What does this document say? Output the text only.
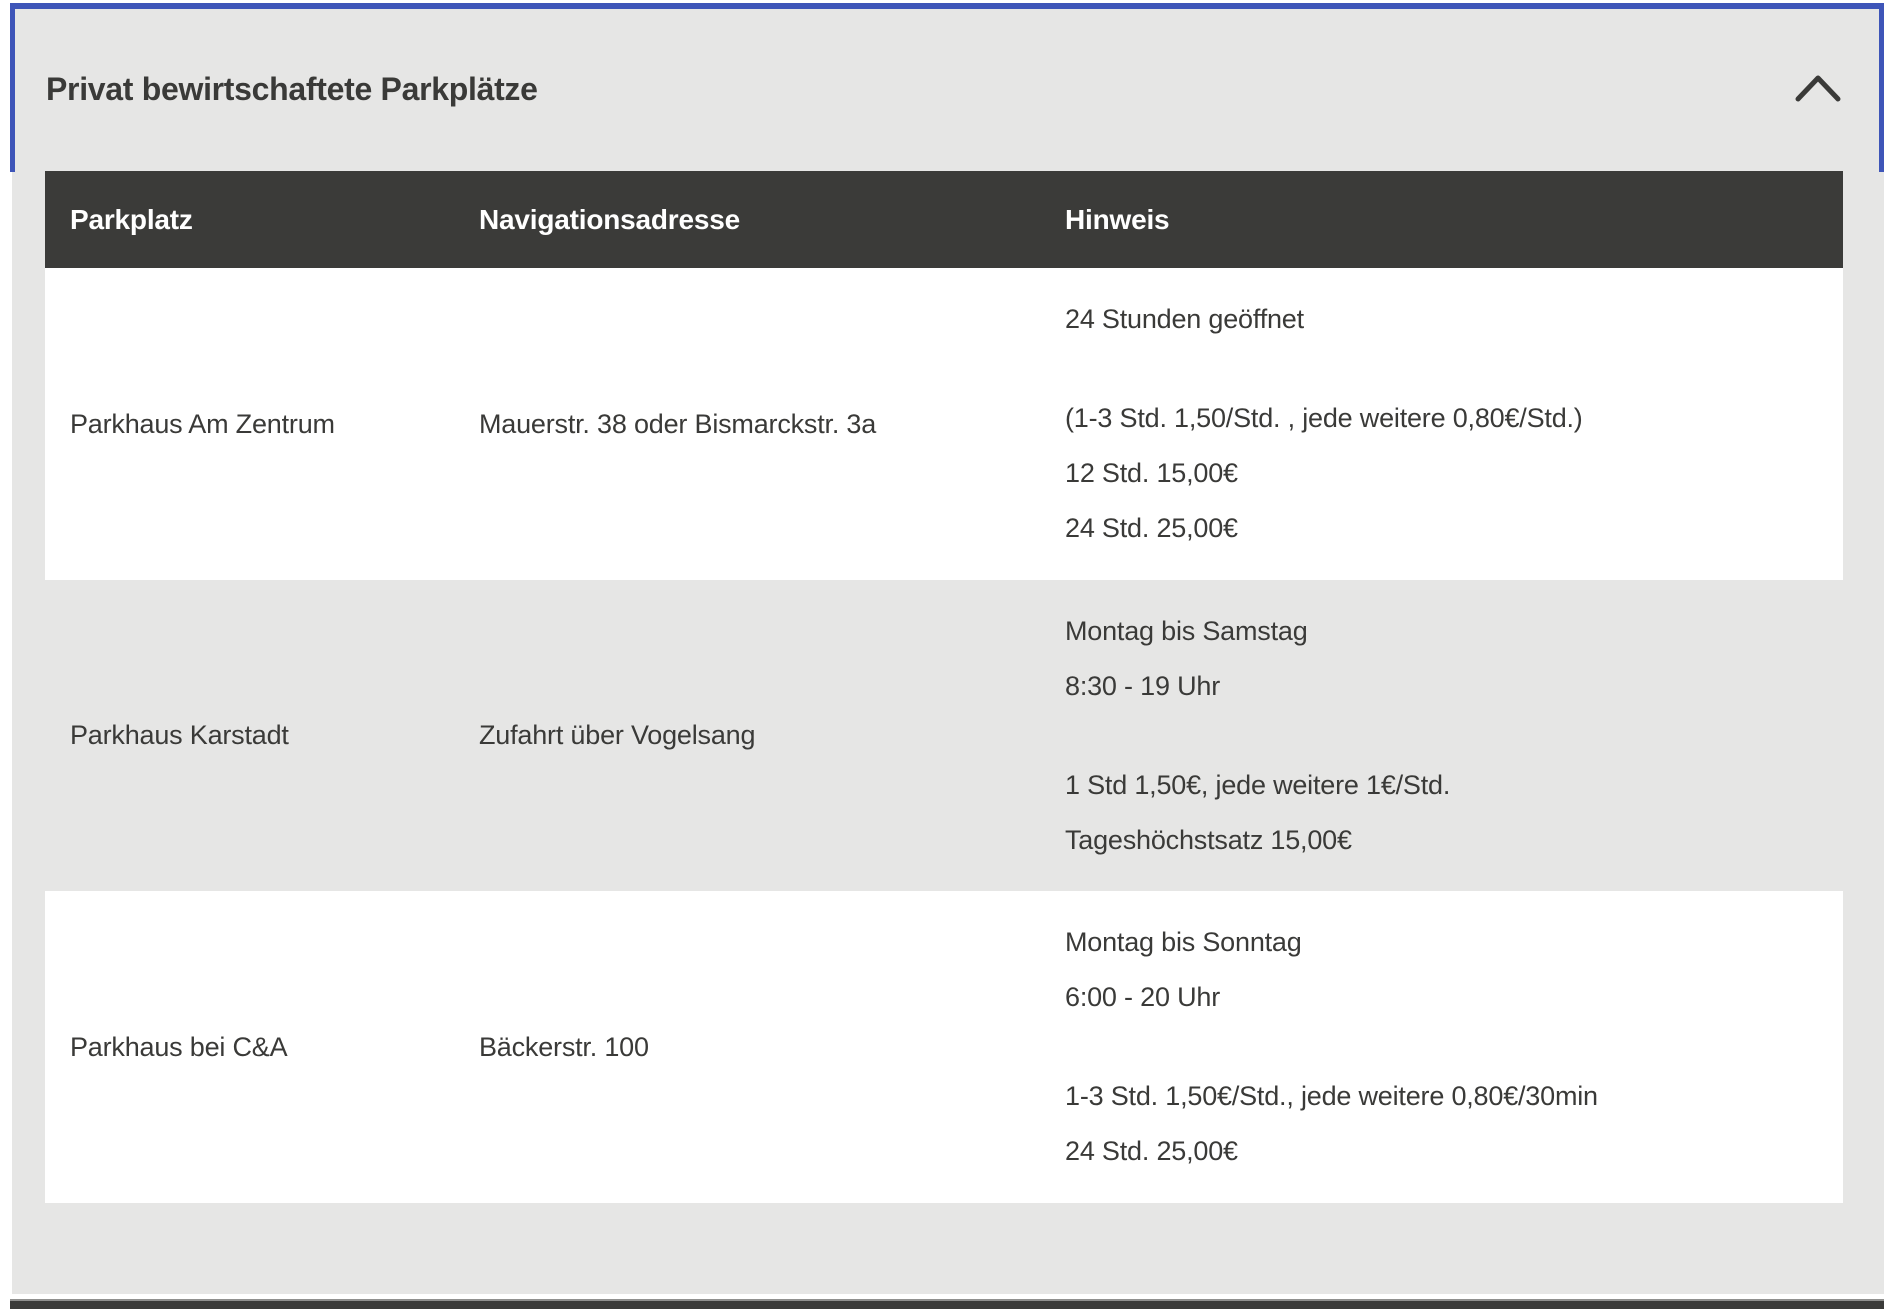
Privat bewirtschaftete Parkplätze
Parkplatz	Navigationsadresse	Hinweis
Parkhaus Am Zentrum	Mauerstr. 38 oder Bismarckstr. 3a	24 Stunden geöffnet
(1-3 Std. 1,50/Std. , jede weitere 0,80€/Std.)
12 Std. 15,00€
24 Std. 25,00€

Parkhaus Karstadt	Zufahrt über Vogelsang	Montag bis Samstag
8:30 - 19 Uhr
1 Std 1,50€, jede weitere 1€/Std.
Tageshöchstsatz 15,00€

Parkhaus bei C&A	Bäckerstr. 100	Montag bis Sonntag
6:00 - 20 Uhr
1-3 Std. 1,50€/Std., jede weitere 0,80€/30min
24 Std. 25,00€
